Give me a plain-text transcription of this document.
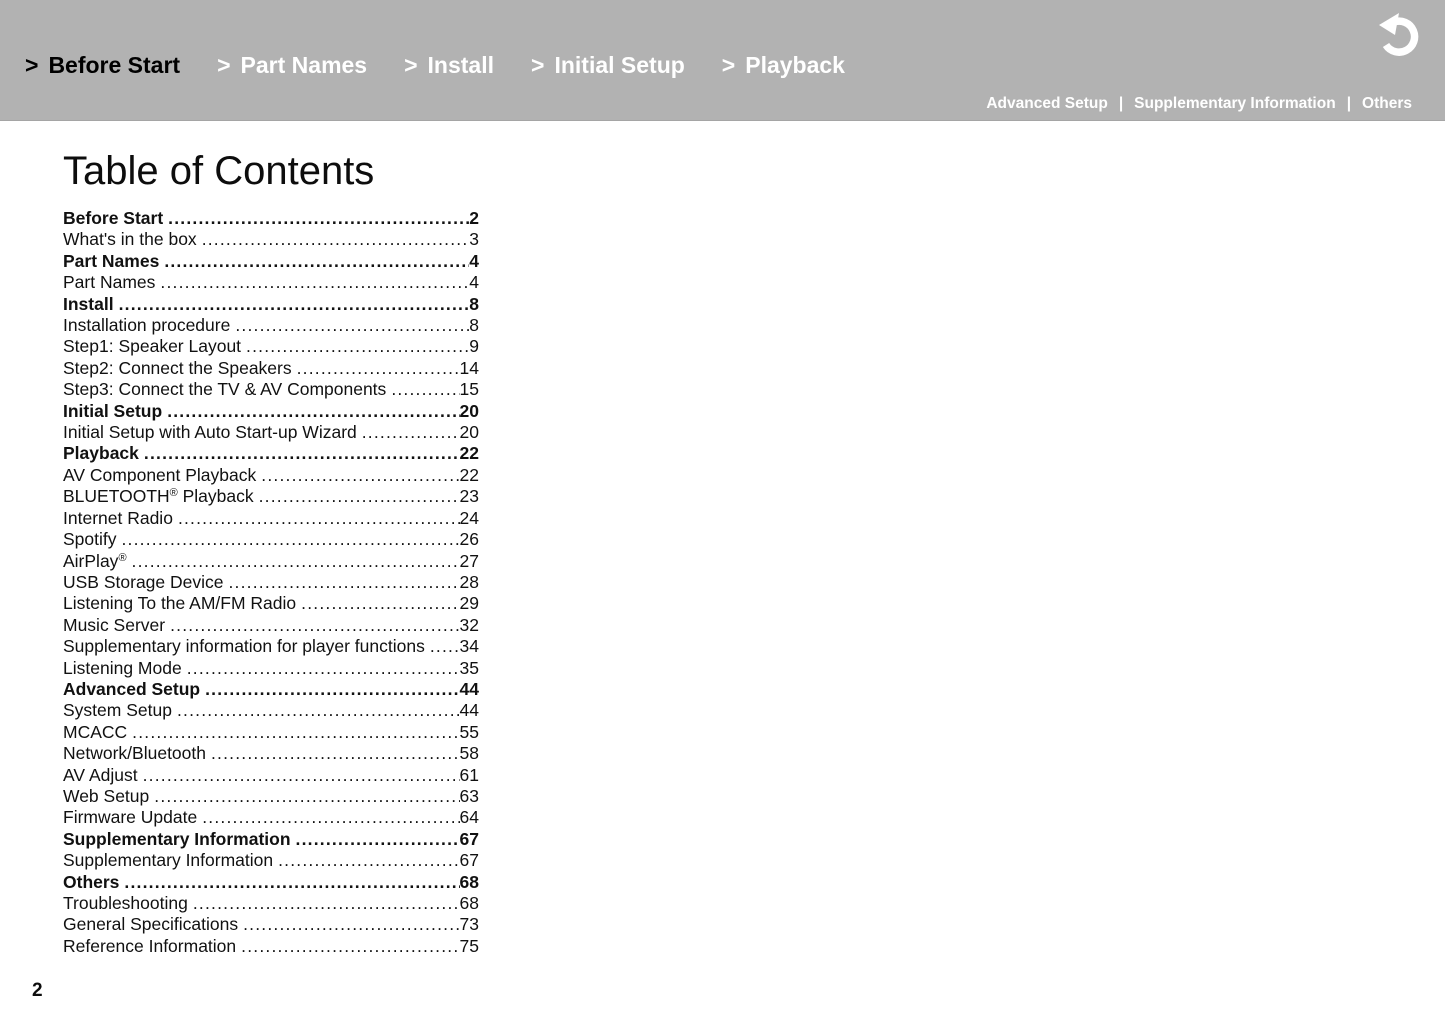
> Before Start > Part Names > Install > Initial Setup > Playback
Advanced Setup | Supplementary Information | Others
Table of Contents
Before Start .....	2
What's in the box .....	3
Part Names .....	4
Part Names .....	4
Install .....	8
Installation procedure .....	8
Step1: Speaker Layout .....	9
Step2: Connect the Speakers .....	14
Step3: Connect the TV & AV Components .....	15
Initial Setup .....	20
Initial Setup with Auto Start-up Wizard .....	20
Playback .....	22
AV Component Playback .....	22
BLUETOOTH® Playback .....	23
Internet Radio .....	24
Spotify .....	26
AirPlay® .....	27
USB Storage Device .....	28
Listening To the AM/FM Radio .....	29
Music Server .....	32
Supplementary information for player functions ..... 34
Listening Mode .....	35
Advanced Setup .....	44
System Setup .....	44
MCACC .....	55
Network/Bluetooth .....	58
AV Adjust .....	61
Web Setup .....	63
Firmware Update .....	64
Supplementary Information .....	67
Supplementary Information .....	67
Others .....	68
Troubleshooting .....	68
General Specifications .....	73
Reference Information .....	75
2
